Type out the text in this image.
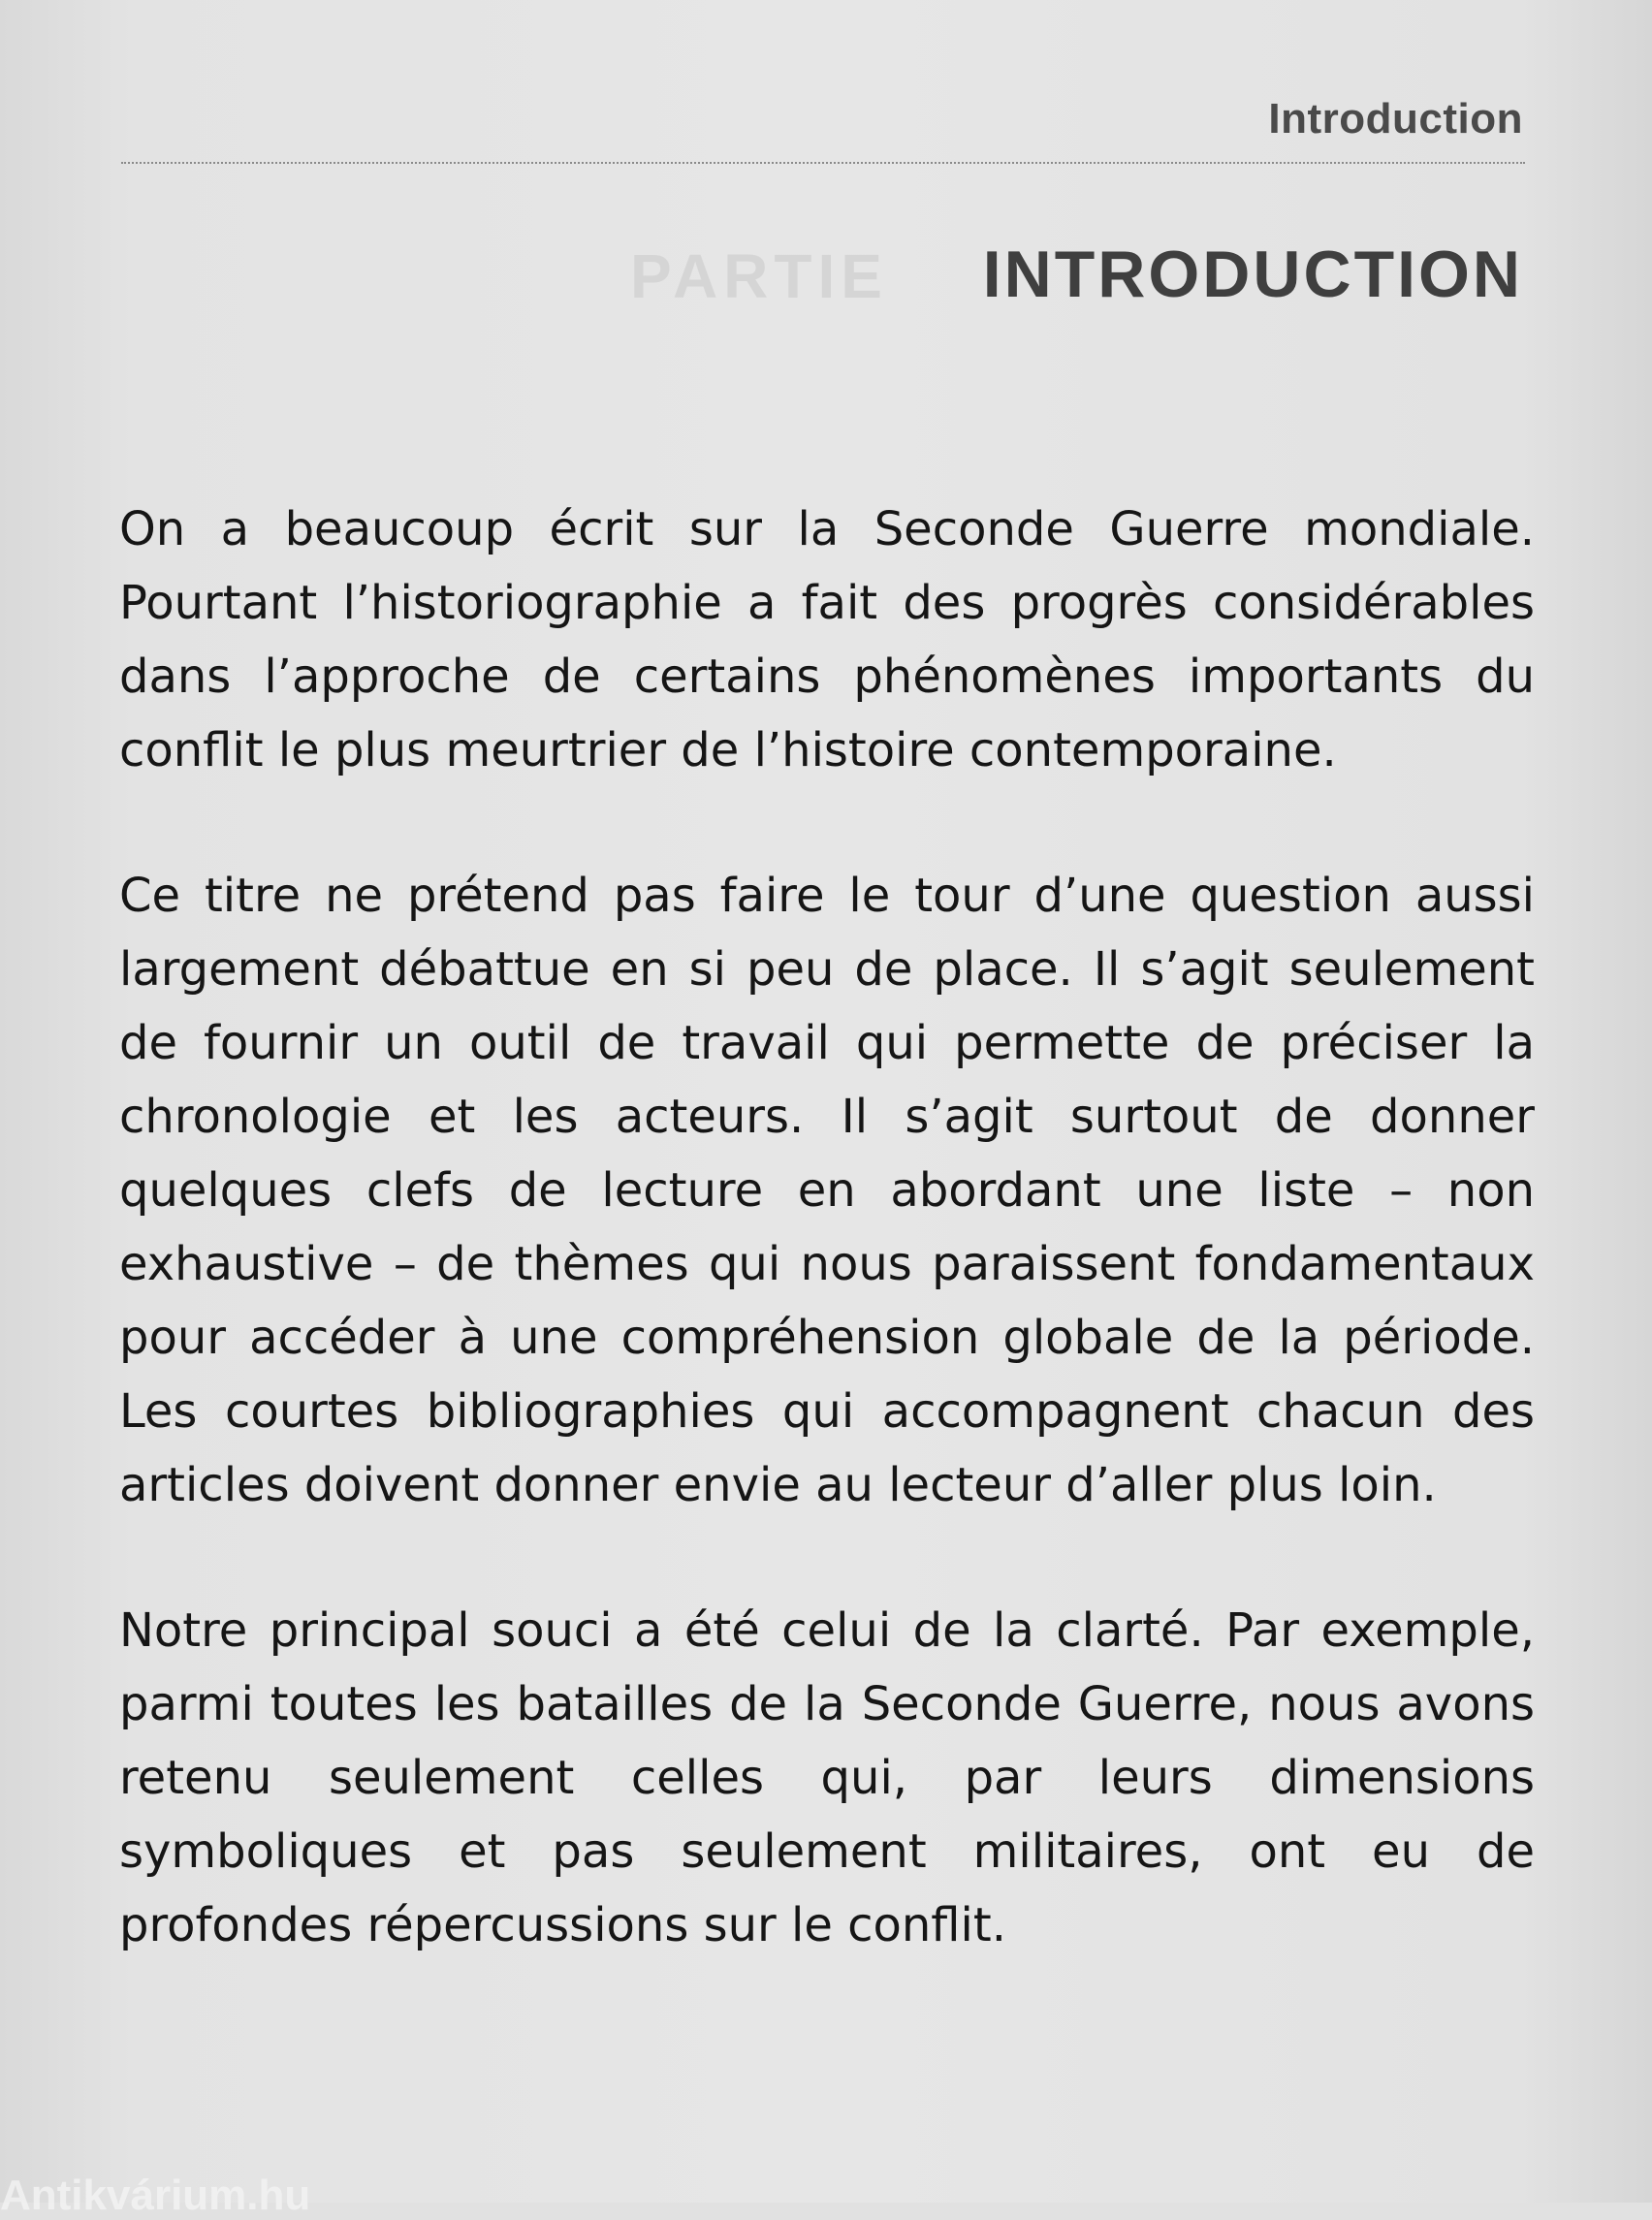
Introduction
PARTIE INTRODUCTION

On a beaucoup écrit sur la Seconde Guerre mondiale. Pourtant l’historiographie a fait des progrès considérables dans l’approche de certains phénomènes importants du conflit le plus meurtrier de l’histoire contemporaine.

Ce titre ne prétend pas faire le tour d’une question aussi largement débattue en si peu de place. Il s’agit seulement de fournir un outil de travail qui permette de préciser la chronologie et les acteurs. Il s’agit surtout de donner quelques clefs de lecture en abordant une liste – non exhaustive – de thèmes qui nous paraissent fondamentaux pour accéder à une compréhension globale de la période. Les courtes bibliographies qui accompagnent chacun des articles doivent donner envie au lecteur d’aller plus loin.

Notre principal souci a été celui de la clarté. Par exemple, parmi toutes les batailles de la Seconde Guerre, nous avons retenu seulement celles qui, par leurs dimensions symboliques et pas seulement militaires, ont eu de profondes répercussions sur le conflit.

Antikvárium.hu
